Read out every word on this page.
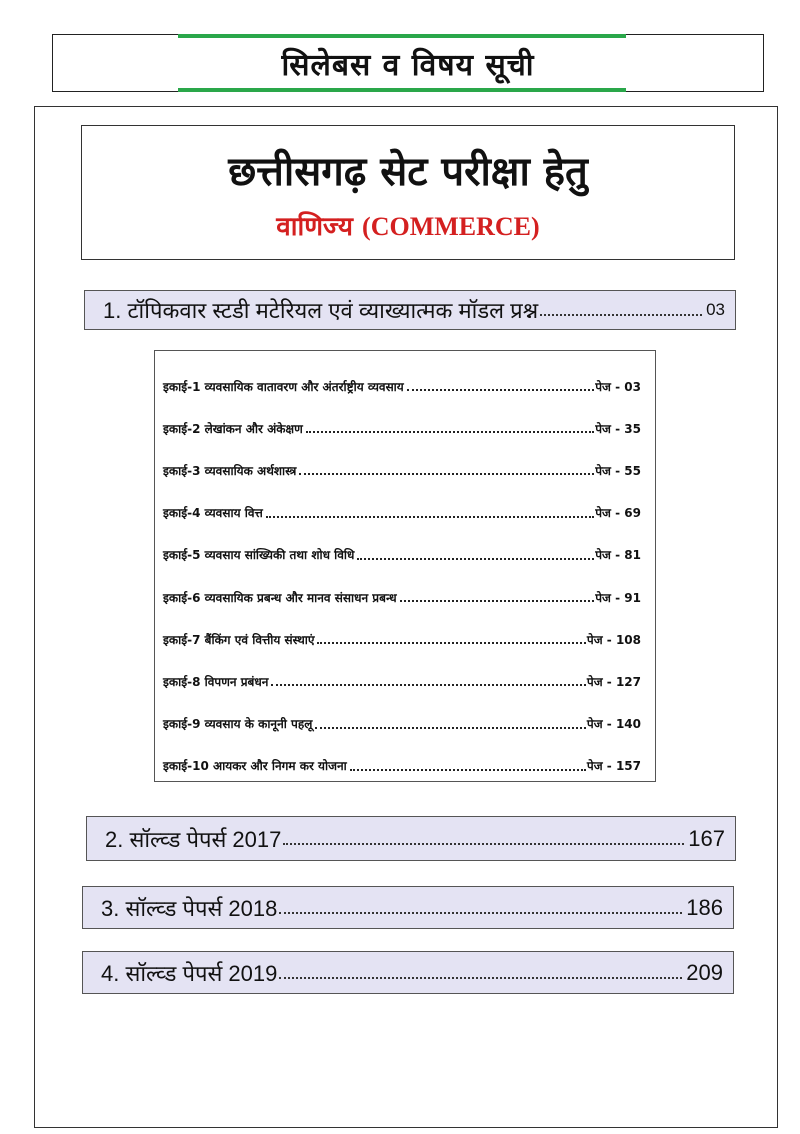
सिलेबस व विषय सूची
छत्तीसगढ़ सेट परीक्षा हेतु
वाणिज्य (COMMERCE)
1. टॉपिकवार स्टडी मटेरियल एवं व्याख्यात्मक मॉडल प्रश्न	03
इकाई-1 व्यवसायिक वातावरण और अंतर्राष्ट्रीय व्यवसाय	पेज - 03
इकाई-2 लेखांकन और अंकेक्षण	पेज - 35
इकाई-3 व्यवसायिक अर्थशास्त्र	पेज - 55
इकाई-4 व्यवसाय वित्त	पेज - 69
इकाई-5 व्यवसाय सांख्यिकी तथा शोध विधि	पेज - 81
इकाई-6 व्यवसायिक प्रबन्ध और मानव संसाधन प्रबन्ध	पेज - 91
इकाई-7 बैंकिंग एवं वित्तीय संस्थाएं	पेज - 108
इकाई-8 विपणन प्रबंधन	पेज - 127
इकाई-9 व्यवसाय के कानूनी पहलू	पेज - 140
इकाई-10 आयकर और निगम कर योजना	पेज - 157
2. सॉल्व्ड पेपर्स 2017	167
3. सॉल्व्ड पेपर्स 2018	186
4. सॉल्व्ड पेपर्स 2019	209
